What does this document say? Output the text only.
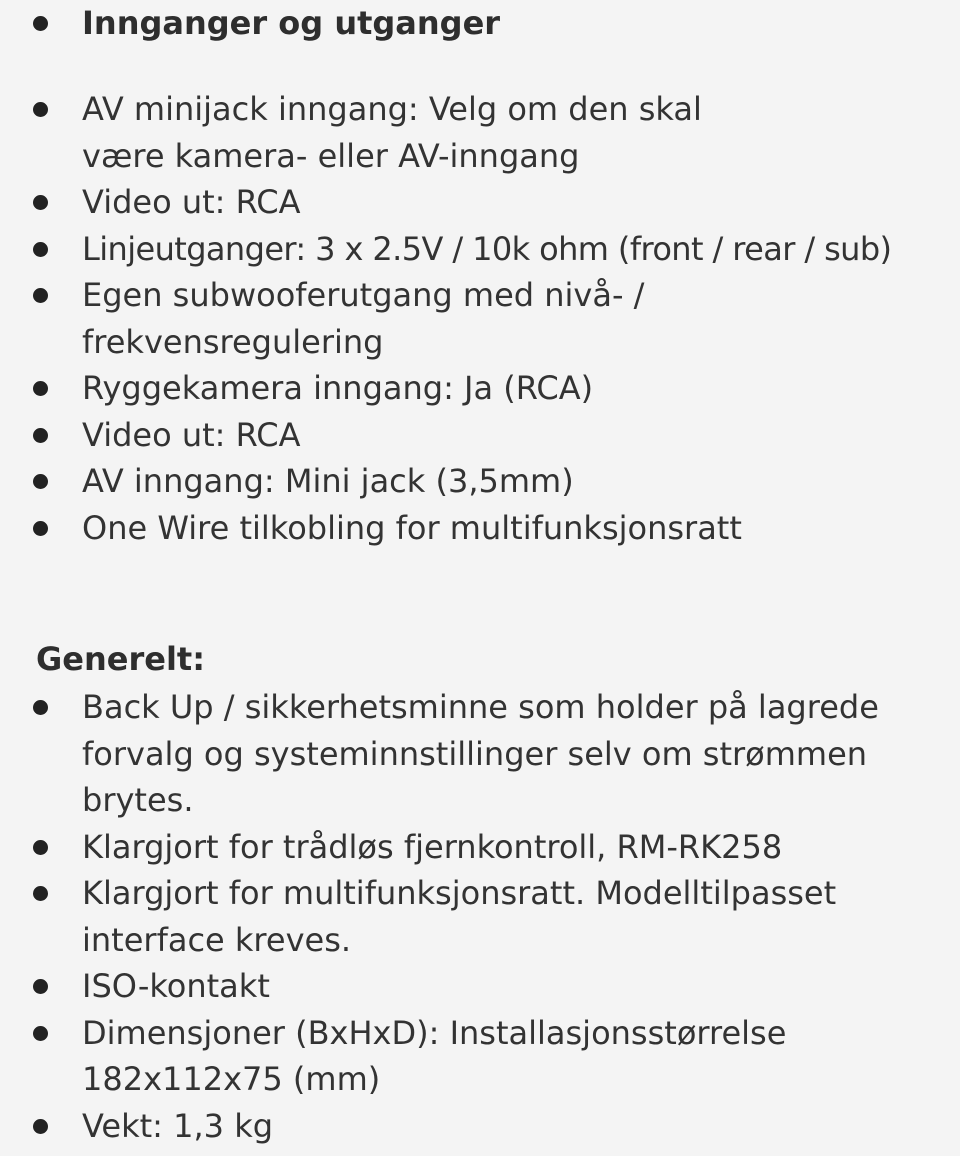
Innganger og utganger
AV minijack inngang: Velg om den skal være kamera- eller AV-inngang
Video ut: RCA
Linjeutganger: 3 x 2.5V / 10k ohm (front / rear / sub)
Egen subwooferutgang med nivå- / frekvensregulering
Ryggekamera inngang: Ja (RCA)
Video ut: RCA
AV inngang: Mini jack (3,5mm)
One Wire tilkobling for multifunksjonsratt

Generelt:

Back Up / sikkerhetsminne som holder på lagrede forvalg og systeminnstillinger selv om strømmen brytes.
Klargjort for trådløs fjernkontroll, RM-RK258
Klargjort for multifunksjonsratt. Modelltilpasset interface kreves.
ISO-kontakt
Dimensjoner (BxHxD): Installasjonsstørrelse 182x112x75 (mm)
Vekt: 1,3 kg
